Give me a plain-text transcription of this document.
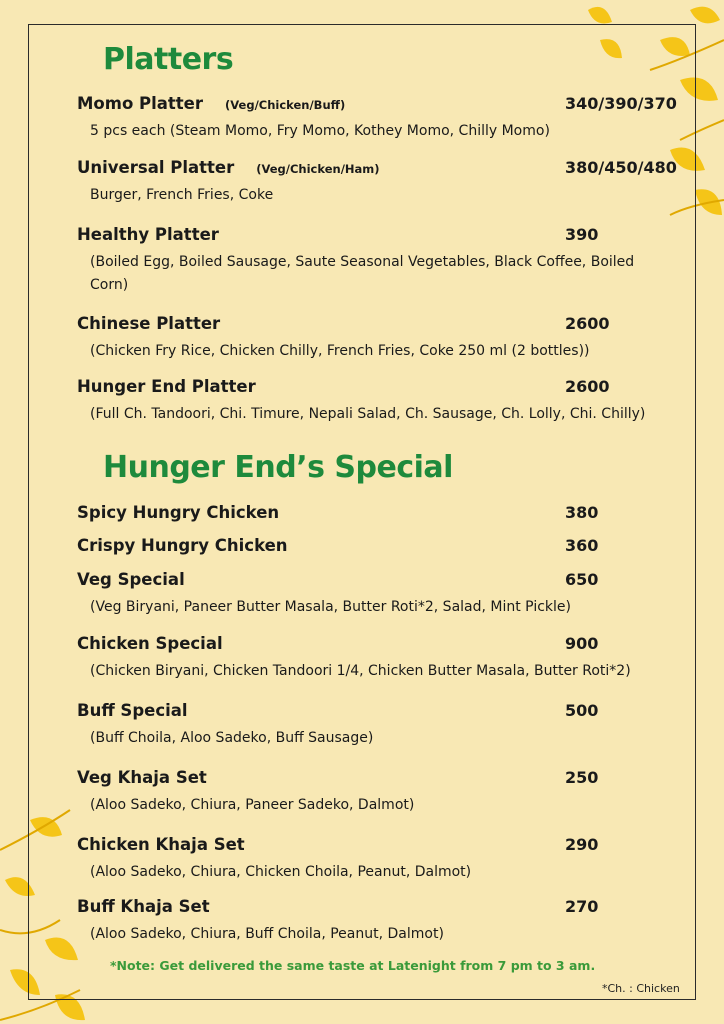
Platters
Momo Platter (Veg/Chicken/Buff)	340/390/370
5 pcs each (Steam Momo, Fry Momo, Kothey Momo, Chilly Momo)
Universal Platter (Veg/Chicken/Ham)	380/450/480
Burger, French Fries, Coke
Healthy Platter	390
(Boiled Egg, Boiled Sausage, Saute Seasonal Vegetables, Black Coffee, Boiled Corn)
Chinese Platter	2600
(Chicken Fry Rice, Chicken Chilly, French Fries, Coke 250 ml (2 bottles))
Hunger End Platter	2600
(Full Ch. Tandoori, Chi. Timure, Nepali Salad, Ch. Sausage, Ch. Lolly, Chi. Chilly)
Hunger End’s Special
Spicy Hungry Chicken	380
Crispy Hungry Chicken	360
Veg Special	650
(Veg Biryani, Paneer Butter Masala, Butter Roti*2, Salad, Mint Pickle)
Chicken Special	900
(Chicken Biryani, Chicken Tandoori 1/4, Chicken Butter Masala, Butter Roti*2)
Buff Special	500
(Buff Choila, Aloo Sadeko, Buff Sausage)
Veg Khaja Set	250
(Aloo Sadeko, Chiura, Paneer Sadeko, Dalmot)
Chicken Khaja Set	290
(Aloo Sadeko, Chiura, Chicken Choila, Peanut, Dalmot)
Buff Khaja Set	270
(Aloo Sadeko, Chiura, Buff Choila, Peanut, Dalmot)
*Note: Get delivered the same taste at Latenight from 7 pm to 3 am.
*Ch. : Chicken
